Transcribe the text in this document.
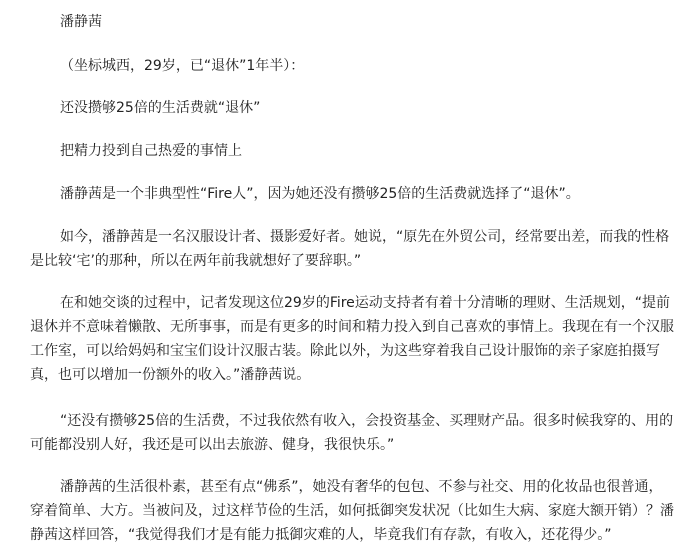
潘静茜

（坐标城西，29岁，已“退休”1年半）：

还没攒够25倍的生活费就“退休”

把精力投到自己热爱的事情上

潘静茜是一个非典型性“Fire人”，因为她还没有攒够25倍的生活费就选择了“退休”。

如今，潘静茜是一名汉服设计者、摄影爱好者。她说，“原先在外贸公司，经常要出差，而我的性格
是比较‘宅’的那种，所以在两年前我就想好了要辞职。”
在和她交谈的过程中，记者发现这位29岁的Fire运动支持者有着十分清晰的理财、生活规划，“提前
退休并不意味着懒散、无所事事，而是有更多的时间和精力投入到自己喜欢的事情上。我现在有一个汉服
工作室，可以给妈妈和宝宝们设计汉服古装。除此以外，为这些穿着我自己设计服饰的亲子家庭拍摄写
真，也可以增加一份额外的收入。”潘静茜说。
“还没有攒够25倍的生活费，不过我依然有收入，会投资基金、买理财产品。很多时候我穿的、用的
可能都没别人好，我还是可以出去旅游、健身，我很快乐。”
潘静茜的生活很朴素，甚至有点“佛系”，她没有奢华的包包、不参与社交、用的化妆品也很普通，
穿着简单、大方。当被问及，过这样节俭的生活，如何抵御突发状况（比如生大病、家庭大额开销）？潘
静茜这样回答，“我觉得我们才是有能力抵御灾难的人，毕竟我们有存款，有收入，还花得少。”
